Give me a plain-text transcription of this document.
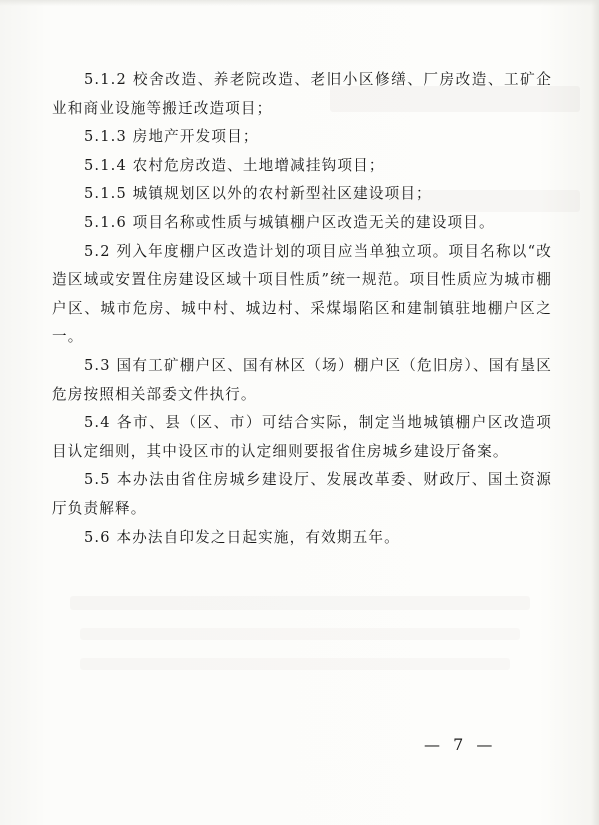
5.1.2 校舍改造、养老院改造、老旧小区修缮、厂房改造、工矿企业和商业设施等搬迁改造项目；

5.1.3 房地产开发项目；

5.1.4 农村危房改造、土地增减挂钩项目；

5.1.5 城镇规划区以外的农村新型社区建设项目；

5.1.6 项目名称或性质与城镇棚户区改造无关的建设项目。

5.2 列入年度棚户区改造计划的项目应当单独立项。项目名称以“改造区域或安置住房建设区域十项目性质”统一规范。项目性质应为城市棚户区、城市危房、城中村、城边村、采煤塌陷区和建制镇驻地棚户区之一。

5.3 国有工矿棚户区、国有林区（场）棚户区（危旧房）、国有垦区危房按照相关部委文件执行。

5.4 各市、县（区、市）可结合实际，制定当地城镇棚户区改造项目认定细则，其中设区市的认定细则要报省住房城乡建设厅备案。

5.5 本办法由省住房城乡建设厅、发展改革委、财政厅、国土资源厅负责解释。

5.6 本办法自印发之日起实施，有效期五年。

— 7 —
